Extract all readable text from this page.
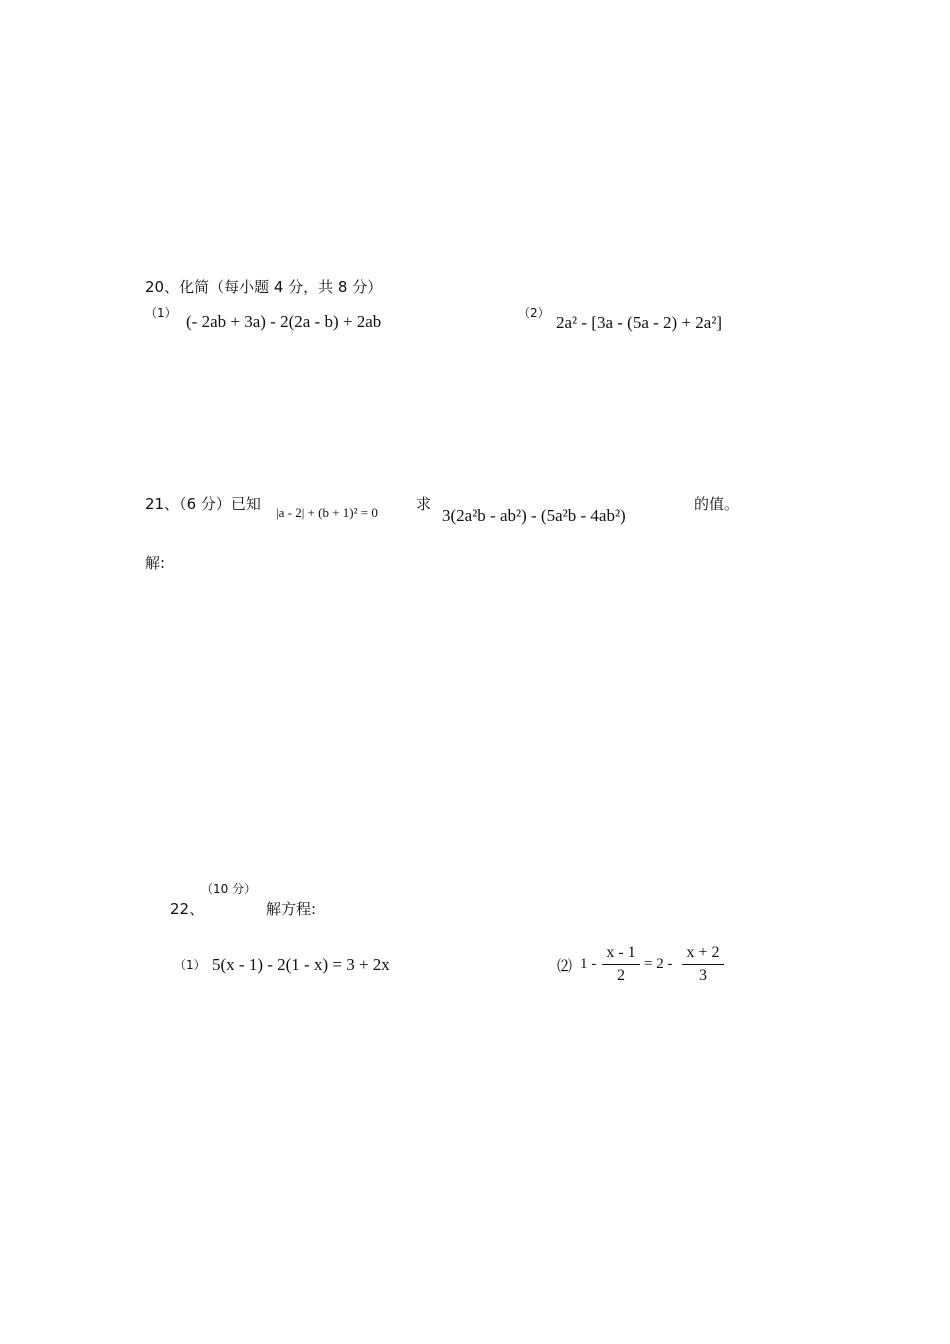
20、化简（每小题 4 分，共 8 分）
（1） (- 2ab + 3a) - 2(2a - b) + 2ab	（2） 2a² - [3a - (5a - 2) + 2a²]
21、（6 分）已知 |a - 2| + (b + 1)² = 0	求
3(2a²b - ab²) - (5a²b - 4ab²)
的值。
解:
22、
（10 分）
解方程:
（1） 5(x - 1) - 2(1 - x) = 3 + 2x	⑵ 1 -
x - 1
2
= 2 -
x + 2
3
